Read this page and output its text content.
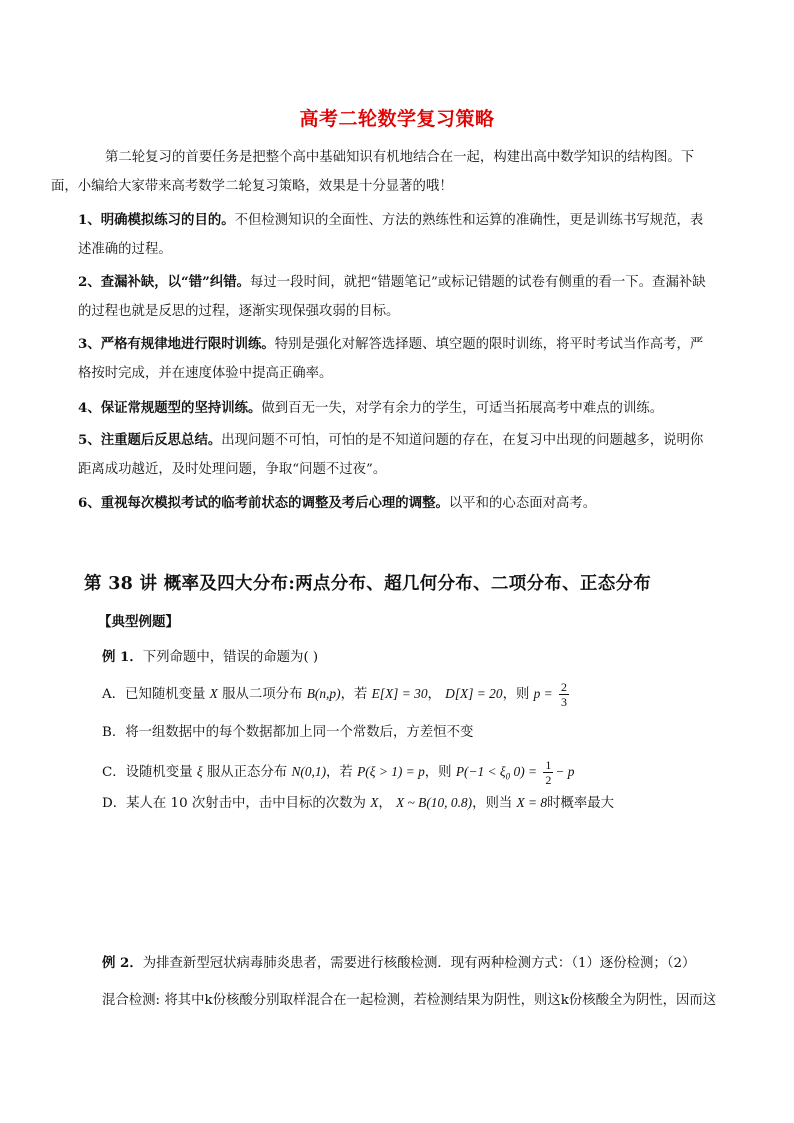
高考二轮数学复习策略
第二轮复习的首要任务是把整个高中基础知识有机地结合在一起，构建出高中数学知识的结构图。下
面，小编给大家带来高考数学二轮复习策略，效果是十分显著的哦！
1、明确模拟练习的目的。不但检测知识的全面性、方法的熟练性和运算的准确性，更是训练书写规范，表
述准确的过程。
2、查漏补缺，以“错”纠错。每过一段时间，就把“错题笔记”或标记错题的试卷有侧重的看一下。查漏补缺
的过程也就是反思的过程，逐渐实现保强攻弱的目标。
3、严格有规律地进行限时训练。特别是强化对解答选择题、填空题的限时训练，将平时考试当作高考，严
格按时完成，并在速度体验中提高正确率。
4、保证常规题型的坚持训练。做到百无一失，对学有余力的学生，可适当拓展高考中难点的训练。
5、注重题后反思总结。出现问题不可怕，可怕的是不知道问题的存在，在复习中出现的问题越多，说明你
距离成功越近，及时处理问题，争取“问题不过夜”。
6、重视每次模拟考试的临考前状态的调整及考后心理的调整。以平和的心态面对高考。
第 38 讲 概率及四大分布:两点分布、超几何分布、二项分布、正态分布
【典型例题】
例 1．下列命题中，错误的命题为( )
A．已知随机变量 X 服从二项分布 B(n,p)，若 E[X] = 30， D[X] = 20，则 $p = \frac{2}{3}$
B．将一组数据中的每个数据都加上同一个常数后，方差恒不变
C．设随机变量 ξ 服从正态分布 N(0,1)，若 P(ξ > 1) = p，则 $P(-1 < \xi_0$ $0) = \frac{1}{2} - p$
D．某人在 10 次射击中，击中目标的次数为 X， X ~ B(10, 0.8)，则当 X = 8时概率最大
例 2．为排查新型冠状病毒肺炎患者，需要进行核酸检测．现有两种检测方式：（1）逐份检测；（2）
混合检测: 将其中k份核酸分别取样混合在一起检测，若检测结果为阴性，则这k份核酸全为阴性，因而这
